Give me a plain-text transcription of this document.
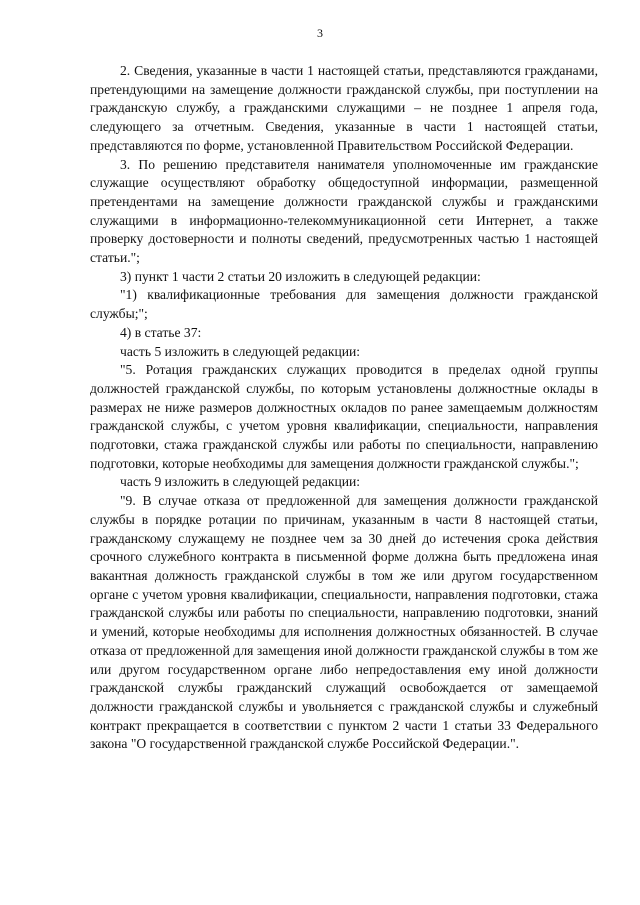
3

2. Сведения, указанные в части 1 настоящей статьи, представляются гражданами, претендующими на замещение должности гражданской службы, при поступлении на гражданскую службу, а гражданскими служащими – не позднее 1 апреля года, следующего за отчетным. Сведения, указанные в части 1 настоящей статьи, представляются по форме, установленной Правительством Российской Федерации.

3. По решению представителя нанимателя уполномоченные им гражданские служащие осуществляют обработку общедоступной информации, размещенной претендентами на замещение должности гражданской службы и гражданскими служащими в информационно-телекоммуникационной сети Интернет, а также проверку достоверности и полноты сведений, предусмотренных частью 1 настоящей статьи.";

3) пункт 1 части 2 статьи 20 изложить в следующей редакции:

"1) квалификационные требования для замещения должности гражданской службы;";

4) в статье 37:

часть 5 изложить в следующей редакции:

"5. Ротация гражданских служащих проводится в пределах одной группы должностей гражданской службы, по которым установлены должностные оклады в размерах не ниже размеров должностных окладов по ранее замещаемым должностям гражданской службы, с учетом уровня квалификации, специальности, направления подготовки, стажа гражданской службы или работы по специальности, направлению подготовки, которые необходимы для замещения должности гражданской службы.";

часть 9 изложить в следующей редакции:

"9. В случае отказа от предложенной для замещения должности гражданской службы в порядке ротации по причинам, указанным в части 8 настоящей статьи, гражданскому служащему не позднее чем за 30 дней до истечения срока действия срочного служебного контракта в письменной форме должна быть предложена иная вакантная должность гражданской службы в том же или другом государственном органе с учетом уровня квалификации, специальности, направления подготовки, стажа гражданской службы или работы по специальности, направлению подготовки, знаний и умений, которые необходимы для исполнения должностных обязанностей. В случае отказа от предложенной для замещения иной должности гражданской службы в том же или другом государственном органе либо непредоставления ему иной должности гражданской службы гражданский служащий освобождается от замещаемой должности гражданской службы и увольняется с гражданской службы и служебный контракт прекращается в соответствии с пунктом 2 части 1 статьи 33 Федерального закона "О государственной гражданской службе Российской Федерации.".
